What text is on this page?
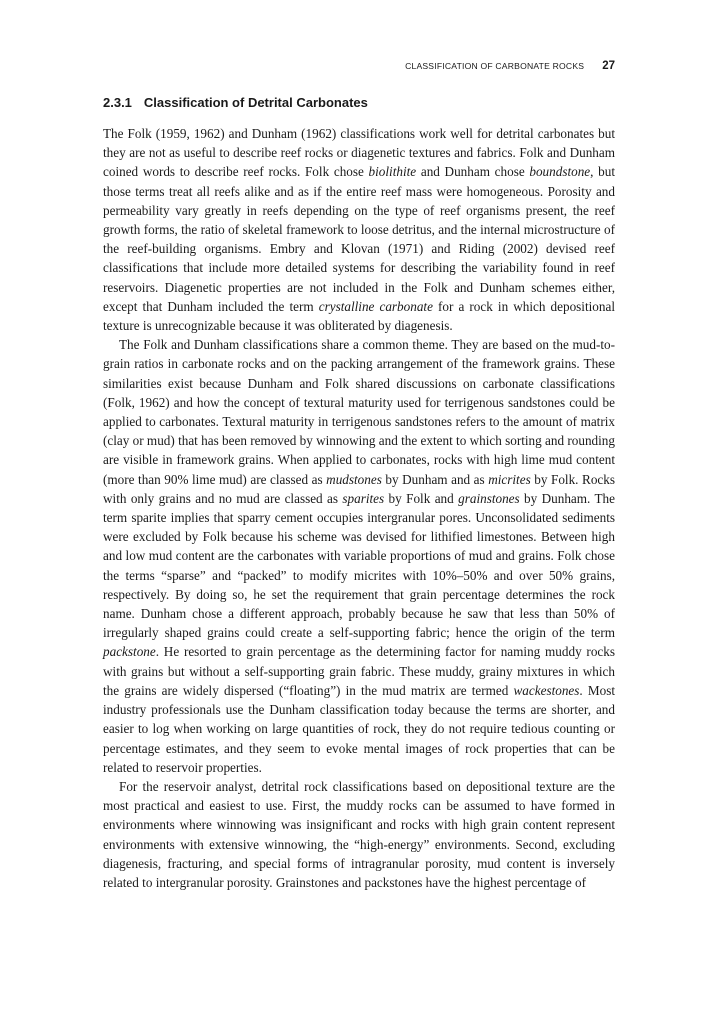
CLASSIFICATION OF CARBONATE ROCKS 27
2.3.1 Classification of Detrital Carbonates

The Folk (1959, 1962) and Dunham (1962) classifications work well for detrital carbonates but they are not as useful to describe reef rocks or diagenetic textures and fabrics. Folk and Dunham coined words to describe reef rocks. Folk chose biolithite and Dunham chose boundstone, but those terms treat all reefs alike and as if the entire reef mass were homogeneous. Porosity and permeability vary greatly in reefs depending on the type of reef organisms present, the reef growth forms, the ratio of skeletal framework to loose detritus, and the internal microstructure of the reef-building organisms. Embry and Klovan (1971) and Riding (2002) devised reef classifications that include more detailed systems for describing the variability found in reef reservoirs. Diagenetic properties are not included in the Folk and Dunham schemes either, except that Dunham included the term crystalline carbonate for a rock in which depositional texture is unrecognizable because it was obliterated by diagenesis.

The Folk and Dunham classifications share a common theme. They are based on the mud-to-grain ratios in carbonate rocks and on the packing arrangement of the framework grains. These similarities exist because Dunham and Folk shared discussions on carbonate classifications (Folk, 1962) and how the concept of textural maturity used for terrigenous sandstones could be applied to carbonates. Textural maturity in terrigenous sandstones refers to the amount of matrix (clay or mud) that has been removed by winnowing and the extent to which sorting and rounding are visible in framework grains. When applied to carbonates, rocks with high lime mud content (more than 90% lime mud) are classed as mudstones by Dunham and as micrites by Folk. Rocks with only grains and no mud are classed as sparites by Folk and grainstones by Dunham. The term sparite implies that sparry cement occupies intergranular pores. Unconsolidated sediments were excluded by Folk because his scheme was devised for lithified limestones. Between high and low mud content are the carbonates with variable proportions of mud and grains. Folk chose the terms “sparse” and “packed” to modify micrites with 10%–50% and over 50% grains, respectively. By doing so, he set the requirement that grain percentage determines the rock name. Dunham chose a different approach, probably because he saw that less than 50% of irregularly shaped grains could create a self-supporting fabric; hence the origin of the term packstone. He resorted to grain percentage as the determining factor for naming muddy rocks with grains but without a self-supporting grain fabric. These muddy, grainy mixtures in which the grains are widely dispersed (“floating”) in the mud matrix are termed wackestones. Most industry professionals use the Dunham classification today because the terms are shorter, and easier to log when working on large quantities of rock, they do not require tedious counting or percentage estimates, and they seem to evoke mental images of rock properties that can be related to reservoir properties.

For the reservoir analyst, detrital rock classifications based on depositional texture are the most practical and easiest to use. First, the muddy rocks can be assumed to have formed in environments where winnowing was insignificant and rocks with high grain content represent environments with extensive winnowing, the “high-energy” environments. Second, excluding diagenesis, fracturing, and special forms of intragranular porosity, mud content is inversely related to intergranular porosity. Grainstones and packstones have the highest percentage of
